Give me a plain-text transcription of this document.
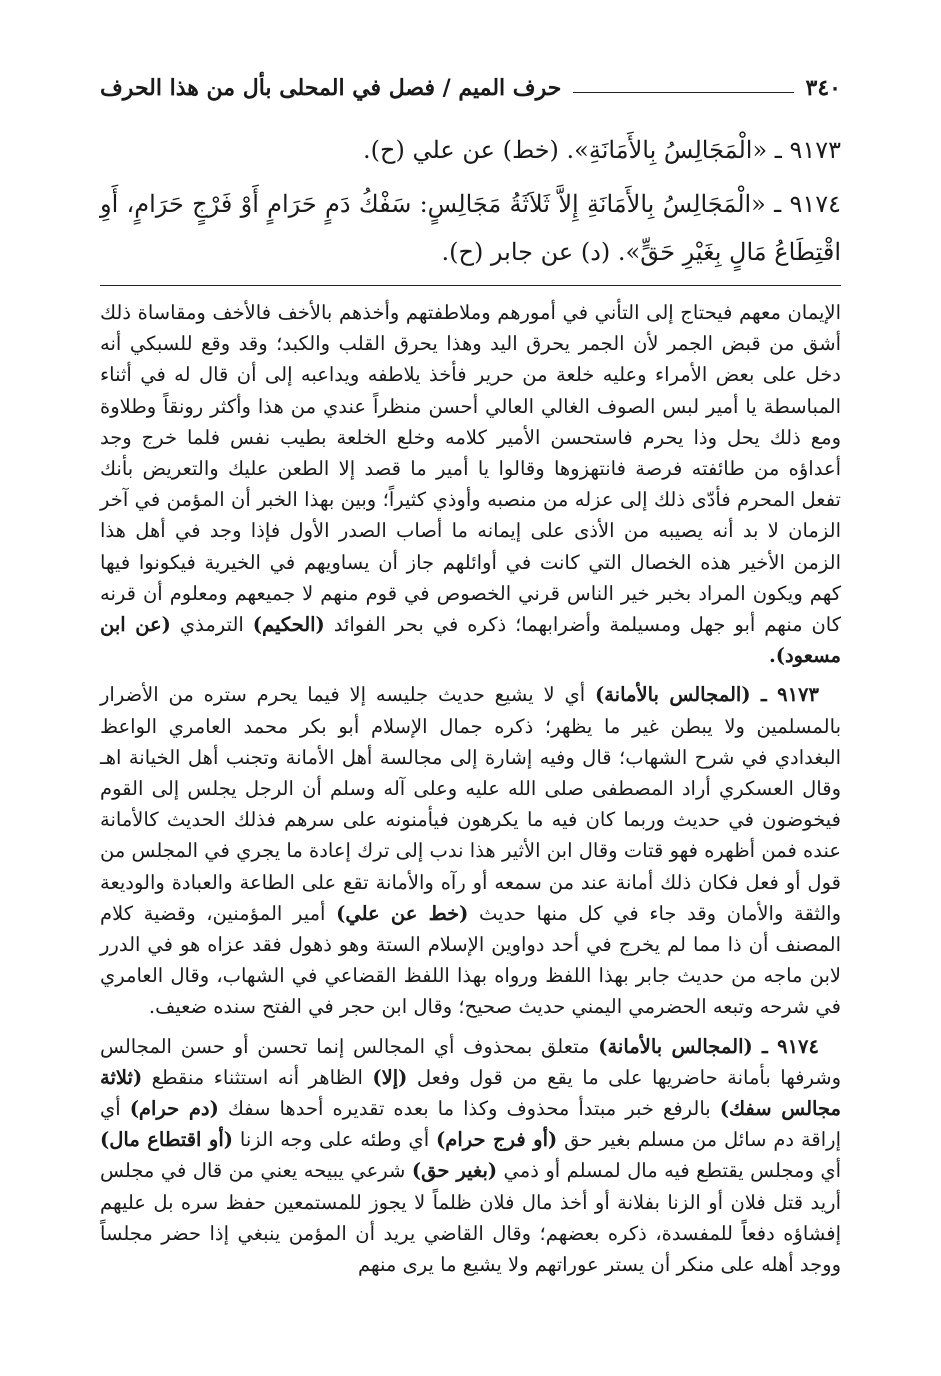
٣٤٠
حرف الميم / فصل في المحلى بأل من هذا الحرف

٩١٧٣ ـ «الْمَجَالِسُ بِالأَمَانَةِ». (خط) عن علي (ح).

٩١٧٤ ـ «الْمَجَالِسُ بِالأَمَانَةِ إِلاَّ ثَلاَثَةُ مَجَالِسٍ: سَفْكُ دَمٍ حَرَامٍ أَوْ فَرْجٍ حَرَامٍ، أَوِ اقْتِطَاعُ مَالٍ بِغَيْرِ حَقٍّ». (د) عن جابر (ح).

الإيمان معهم فيحتاج إلى التأني في أمورهم وملاطفتهم وأخذهم بالأخف فالأخف ومقاساة ذلك أشق من قبض الجمر لأن الجمر يحرق اليد وهذا يحرق القلب والكبد؛ وقد وقع للسبكي أنه دخل على بعض الأمراء وعليه خلعة من حرير فأخذ يلاطفه ويداعبه إلى أن قال له في أثناء المباسطة يا أمير لبس الصوف الغالي العالي أحسن منظراً عندي من هذا وأكثر رونقاً وطلاوة ومع ذلك يحل وذا يحرم فاستحسن الأمير كلامه وخلع الخلعة بطيب نفس فلما خرج وجد أعداؤه من طائفته فرصة فانتهزوها وقالوا يا أمير ما قصد إلا الطعن عليك والتعريض بأنك تفعل المحرم فأدّى ذلك إلى عزله من منصبه وأوذي كثيراً؛ وبين بهذا الخبر أن المؤمن في آخر الزمان لا بد أنه يصيبه من الأذى على إيمانه ما أصاب الصدر الأول فإذا وجد في أهل هذا الزمن الأخير هذه الخصال التي كانت في أوائلهم جاز أن يساويهم في الخيرية فيكونوا فيها كهم ويكون المراد بخبر خير الناس قرني الخصوص في قوم منهم لا جميعهم ومعلوم أن قرنه كان منهم أبو جهل ومسيلمة وأضرابهما؛ ذكره في بحر الفوائد (الحكيم) الترمذي (عن ابن مسعود).

٩١٧٣ ـ (المجالس بالأمانة) أي لا يشيع حديث جليسه إلا فيما يحرم ستره من الأضرار بالمسلمين ولا يبطن غير ما يظهر؛ ذكره جمال الإسلام أبو بكر محمد العامري الواعظ البغدادي في شرح الشهاب؛ قال وفيه إشارة إلى مجالسة أهل الأمانة وتجنب أهل الخيانة اهـ وقال العسكري أراد المصطفى صلى الله عليه وعلى آله وسلم أن الرجل يجلس إلى القوم فيخوضون في حديث وربما كان فيه ما يكرهون فيأمنونه على سرهم فذلك الحديث كالأمانة عنده فمن أظهره فهو قتات وقال ابن الأثير هذا ندب إلى ترك إعادة ما يجري في المجلس من قول أو فعل فكان ذلك أمانة عند من سمعه أو رآه والأمانة تقع على الطاعة والعبادة والوديعة والثقة والأمان وقد جاء في كل منها حديث (خط عن علي) أمير المؤمنين، وقضية كلام المصنف أن ذا مما لم يخرج في أحد دواوين الإسلام الستة وهو ذهول فقد عزاه هو في الدرر لابن ماجه من حديث جابر بهذا اللفظ ورواه بهذا اللفظ القضاعي في الشهاب، وقال العامري في شرحه وتبعه الحضرمي اليمني حديث صحيح؛ وقال ابن حجر في الفتح سنده ضعيف.

٩١٧٤ ـ (المجالس بالأمانة) متعلق بمحذوف أي المجالس إنما تحسن أو حسن المجالس وشرفها بأمانة حاضريها على ما يقع من قول وفعل (إلا) الظاهر أنه استثناء منقطع (ثلاثة مجالس سفك) بالرفع خبر مبتدأ محذوف وكذا ما بعده تقديره أحدها سفك (دم حرام) أي إراقة دم سائل من مسلم بغير حق (أو فرج حرام) أي وطئه على وجه الزنا (أو اقتطاع مال) أي ومجلس يقتطع فيه مال لمسلم أو ذمي (بغير حق) شرعي يبيحه يعني من قال في مجلس أريد قتل فلان أو الزنا بفلانة أو أخذ مال فلان ظلماً لا يجوز للمستمعين حفظ سره بل عليهم إفشاؤه دفعاً للمفسدة، ذكره بعضهم؛ وقال القاضي يريد أن المؤمن ينبغي إذا حضر مجلساً ووجد أهله على منكر أن يستر عوراتهم ولا يشيع ما يرى منهم
